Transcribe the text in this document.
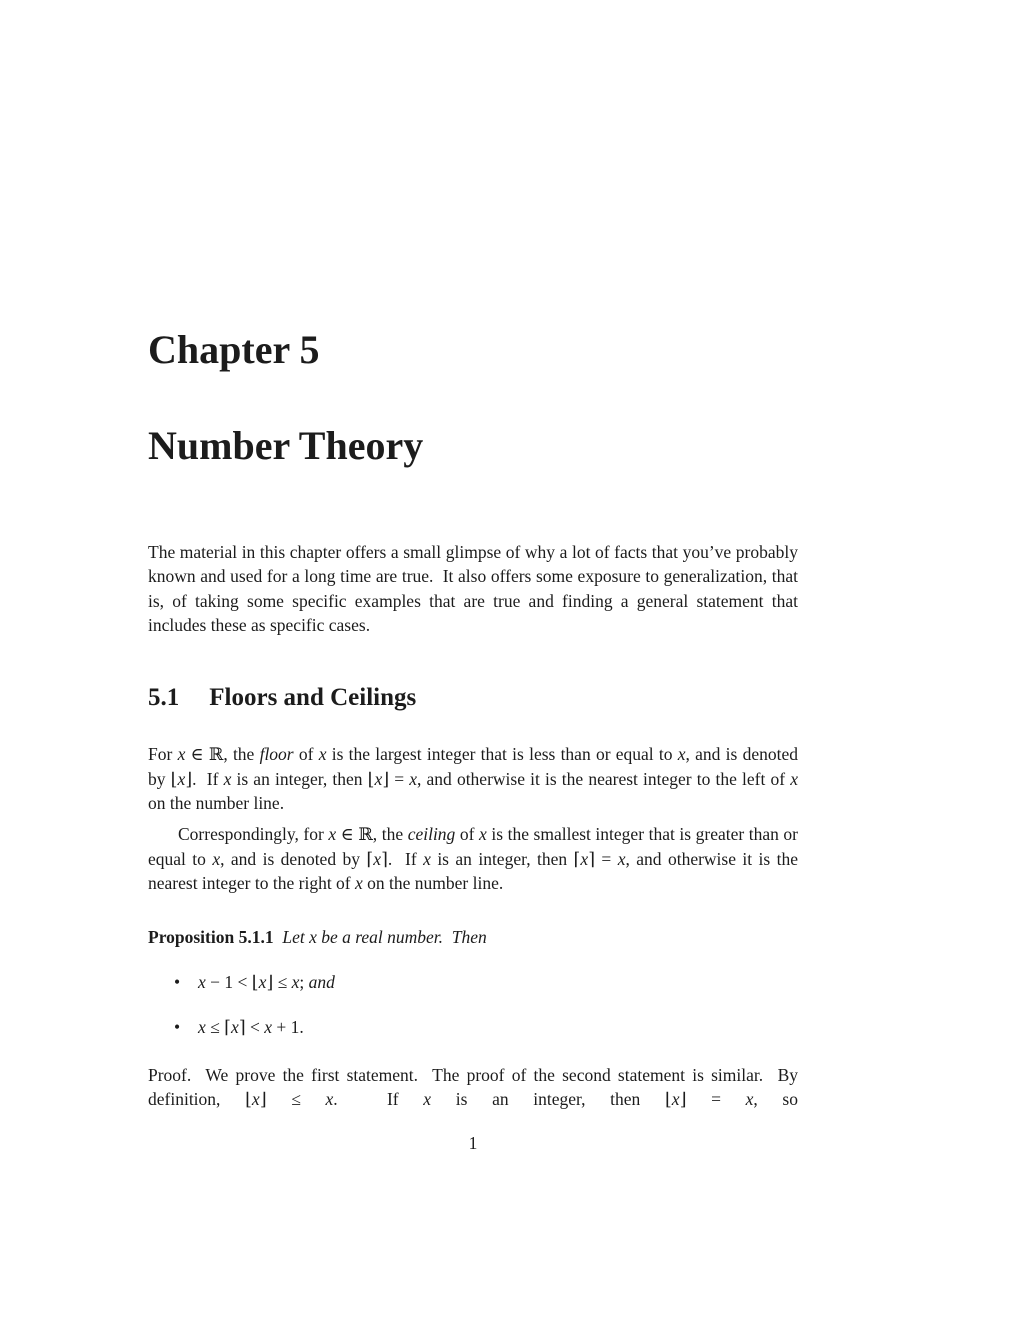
Chapter 5
Number Theory

The material in this chapter offers a small glimpse of why a lot of facts that you’ve probably known and used for a long time are true.  It also offers some exposure to generalization, that is, of taking some specific examples that are true and finding a general statement that includes these as specific cases.

5.1 Floors and Ceilings

For x ∈ ℝ, the floor of x is the largest integer that is less than or equal to x, and is denoted by ⌊x⌋.  If x is an integer, then ⌊x⌋ = x, and otherwise it is the nearest integer to the left of x on the number line.

Correspondingly, for x ∈ ℝ, the ceiling of x is the smallest integer that is greater than or equal to x, and is denoted by ⌈x⌉.  If x is an integer, then ⌈x⌉ = x, and otherwise it is the nearest integer to the right of x on the number line.

Proposition 5.1.1 Let x be a real number.  Then

• x − 1 < ⌊x⌋ ≤ x; and
• x ≤ ⌈x⌉ < x + 1.

Proof.  We prove the first statement.  The proof of the second statement is similar.  By definition, ⌊x⌋ ≤ x.  If x is an integer, then ⌊x⌋ = x, so

1
